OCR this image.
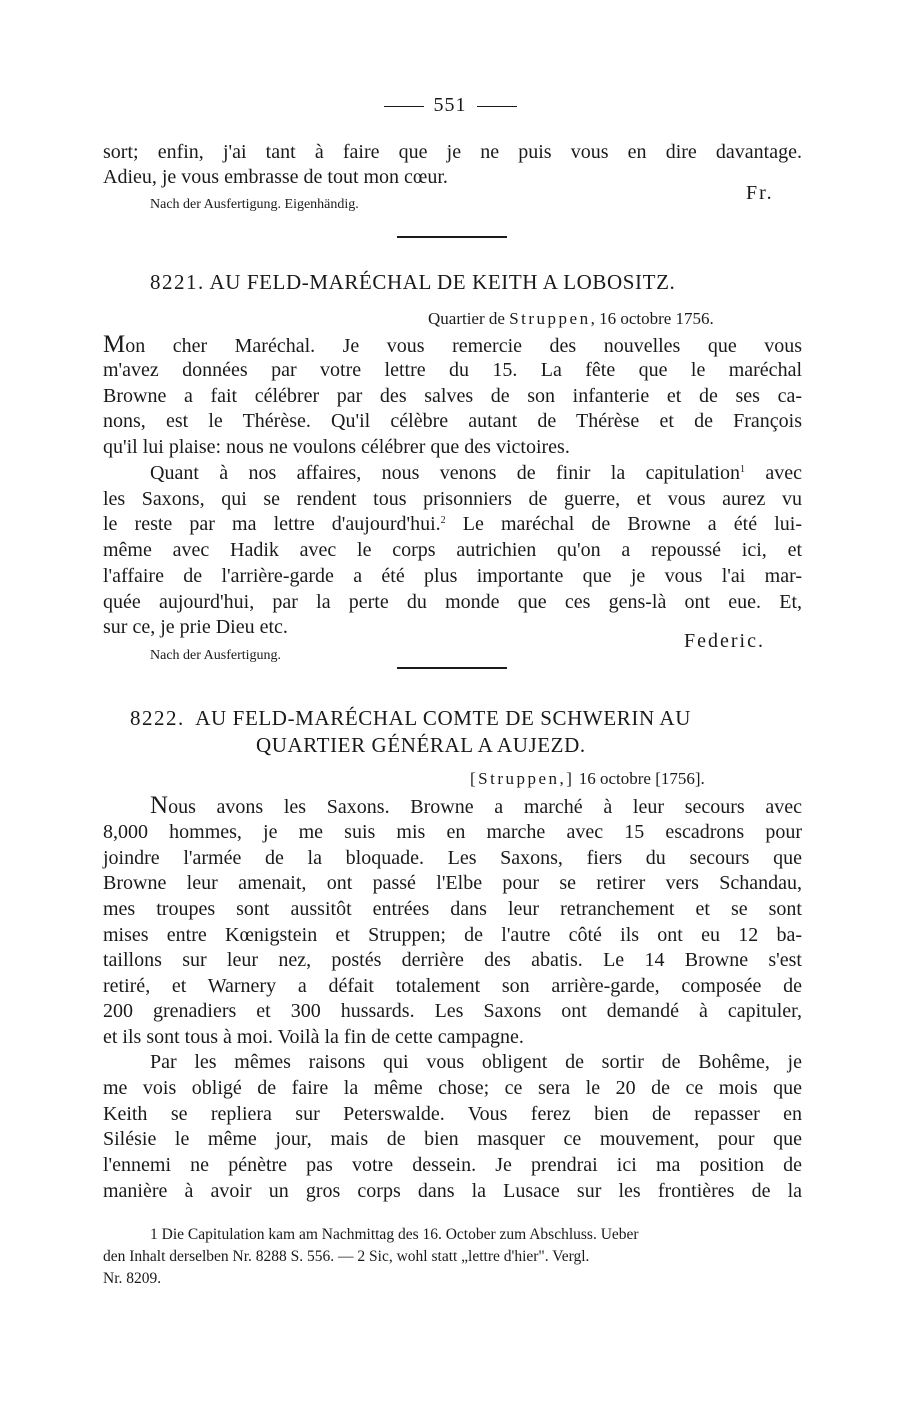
551
sort; enfin, j'ai tant à faire que je ne puis vous en dire davantage.
Adieu, je vous embrasse de tout mon cœur.
Fr.
Nach der Ausfertigung. Eigenhändig.
8221. AU FELD-MARÉCHAL DE KEITH A LOBOSITZ.
Quartier de Struppen, 16 octobre 1756.
Mon cher Maréchal. Je vous remercie des nouvelles que vous
m'avez données par votre lettre du 15. La fête que le maréchal
Browne a fait célébrer par des salves de son infanterie et de ses ca-
nons, est le Thérèse. Qu'il célèbre autant de Thérèse et de François
qu'il lui plaise: nous ne voulons célébrer que des victoires.
Quant à nos affaires, nous venons de finir la capitulation$^1$ avec
les Saxons, qui se rendent tous prisonniers de guerre, et vous aurez vu
le reste par ma lettre d'aujourd'hui.$^2$ Le maréchal de Browne a été lui-
même avec Hadik avec le corps autrichien qu'on a repoussé ici, et
l'affaire de l'arrière-garde a été plus importante que je vous l'ai mar-
quée aujourd'hui, par la perte du monde que ces gens-là ont eue. Et,
sur ce, je prie Dieu etc.
Federic.
Nach der Ausfertigung.
8222. AU FELD-MARÉCHAL COMTE DE SCHWERIN AU
QUARTIER GÉNÉRAL A AUJEZD.
[Struppen,] 16 octobre [1756].
Nous avons les Saxons. Browne a marché à leur secours avec
8,000 hommes, je me suis mis en marche avec 15 escadrons pour
joindre l'armée de la bloquade. Les Saxons, fiers du secours que
Browne leur amenait, ont passé l'Elbe pour se retirer vers Schandau,
mes troupes sont aussitôt entrées dans leur retranchement et se sont
mises entre Kœnigstein et Struppen; de l'autre côté ils ont eu 12 ba-
taillons sur leur nez, postés derrière des abatis. Le 14 Browne s'est
retiré, et Warnery a défait totalement son arrière-garde, composée de
200 grenadiers et 300 hussards. Les Saxons ont demandé à capituler,
et ils sont tous à moi. Voilà la fin de cette campagne.
Par les mêmes raisons qui vous obligent de sortir de Bohême, je
me vois obligé de faire la même chose; ce sera le 20 de ce mois que
Keith se repliera sur Peterswalde. Vous ferez bien de repasser en
Silésie le même jour, mais de bien masquer ce mouvement, pour que
l'ennemi ne pénètre pas votre dessein. Je prendrai ici ma position de
manière à avoir un gros corps dans la Lusace sur les frontières de la
1 Die Capitulation kam am Nachmittag des 16. October zum Abschluss. Ueber
den Inhalt derselben Nr. 8288 S. 556. — 2 Sic, wohl statt „lettre d'hier". Vergl.
Nr. 8209.
